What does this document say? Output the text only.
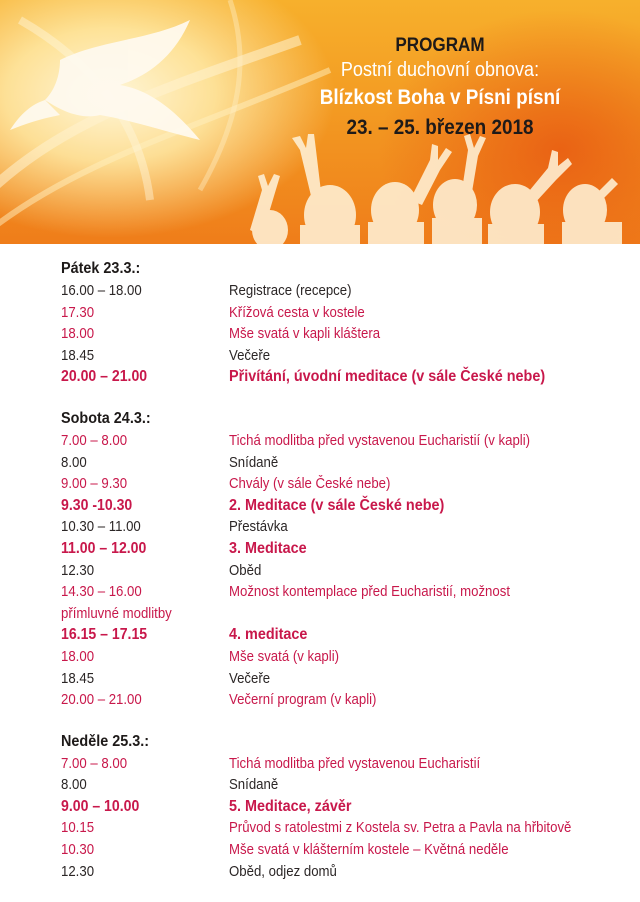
PROGRAM
Postní duchovní obnova:
Blízkost Boha v Písni písní
23. – 25. březen 2018
Pátek 23.3.:
16.00 – 18.00	Registrace (recepce)
17.30	Křížová cesta v kostele
18.00	Mše svatá v kapli kláštera
18.45	Večeře
20.00 – 21.00	Přivítání, úvodní meditace (v sále České nebe)
Sobota 24.3.:
7.00 – 8.00	Tichá modlitba před vystavenou Eucharistií (v kapli)
8.00	Snídaně
9.00 – 9.30	Chvály (v sále České nebe)
9.30 -10.30	2. Meditace (v sále České nebe)
10.30 – 11.00	Přestávka
11.00 – 12.00	3. Meditace
12.30	Oběd
14.30 – 16.00	Možnost kontemplace před Eucharistií, možnost
přímluvné modlitby
16.15 – 17.15	4. meditace
18.00	Mše svatá (v kapli)
18.45	Večeře
20.00 – 21.00	Večerní program (v kapli)
Neděle 25.3.:
7.00 – 8.00	Tichá modlitba před vystavenou Eucharistií
8.00	Snídaně
9.00 – 10.00	5. Meditace, závěr
10.15	Průvod s ratolestmi z Kostela sv. Petra a Pavla na hřbitově
10.30	Mše svatá v klášterním kostele – Květná neděle
12.30	Oběd, odjez domů
